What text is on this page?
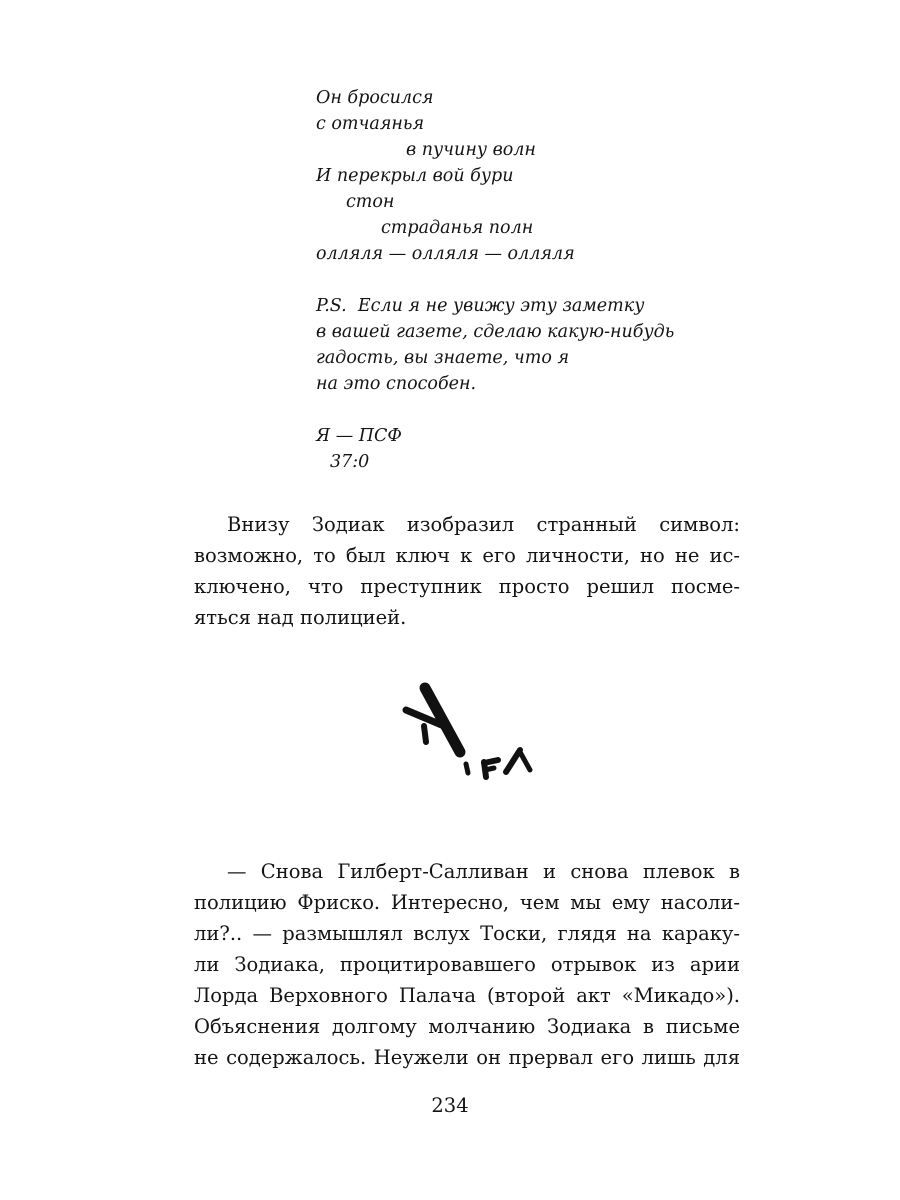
Он бросился
с отчаянья
в пучину волн
И перекрыл вой бури
стон
страданья полн
олляля — олляля — олляля
P.S.  Если я не увижу эту заметку
в вашей газете, сделаю какую-нибудь
гадость, вы знаете, что я
на это способен.
Я — ПСФ
37:0
Внизу Зодиак изобразил странный символ:
возможно, то был ключ к его личности, но не ис-
ключено, что преступник просто решил посме-
яться над полицией.
— Снова Гилберт-Салливан и снова плевок в
полицию Фриско. Интересно, чем мы ему насоли-
ли?.. — размышлял вслух Тоски, глядя на караку-
ли Зодиака, процитировавшего отрывок из арии
Лорда Верховного Палача (второй акт «Микадо»).
Объяснения долгому молчанию Зодиака в письме
не содержалось. Неужели он прервал его лишь для
234
